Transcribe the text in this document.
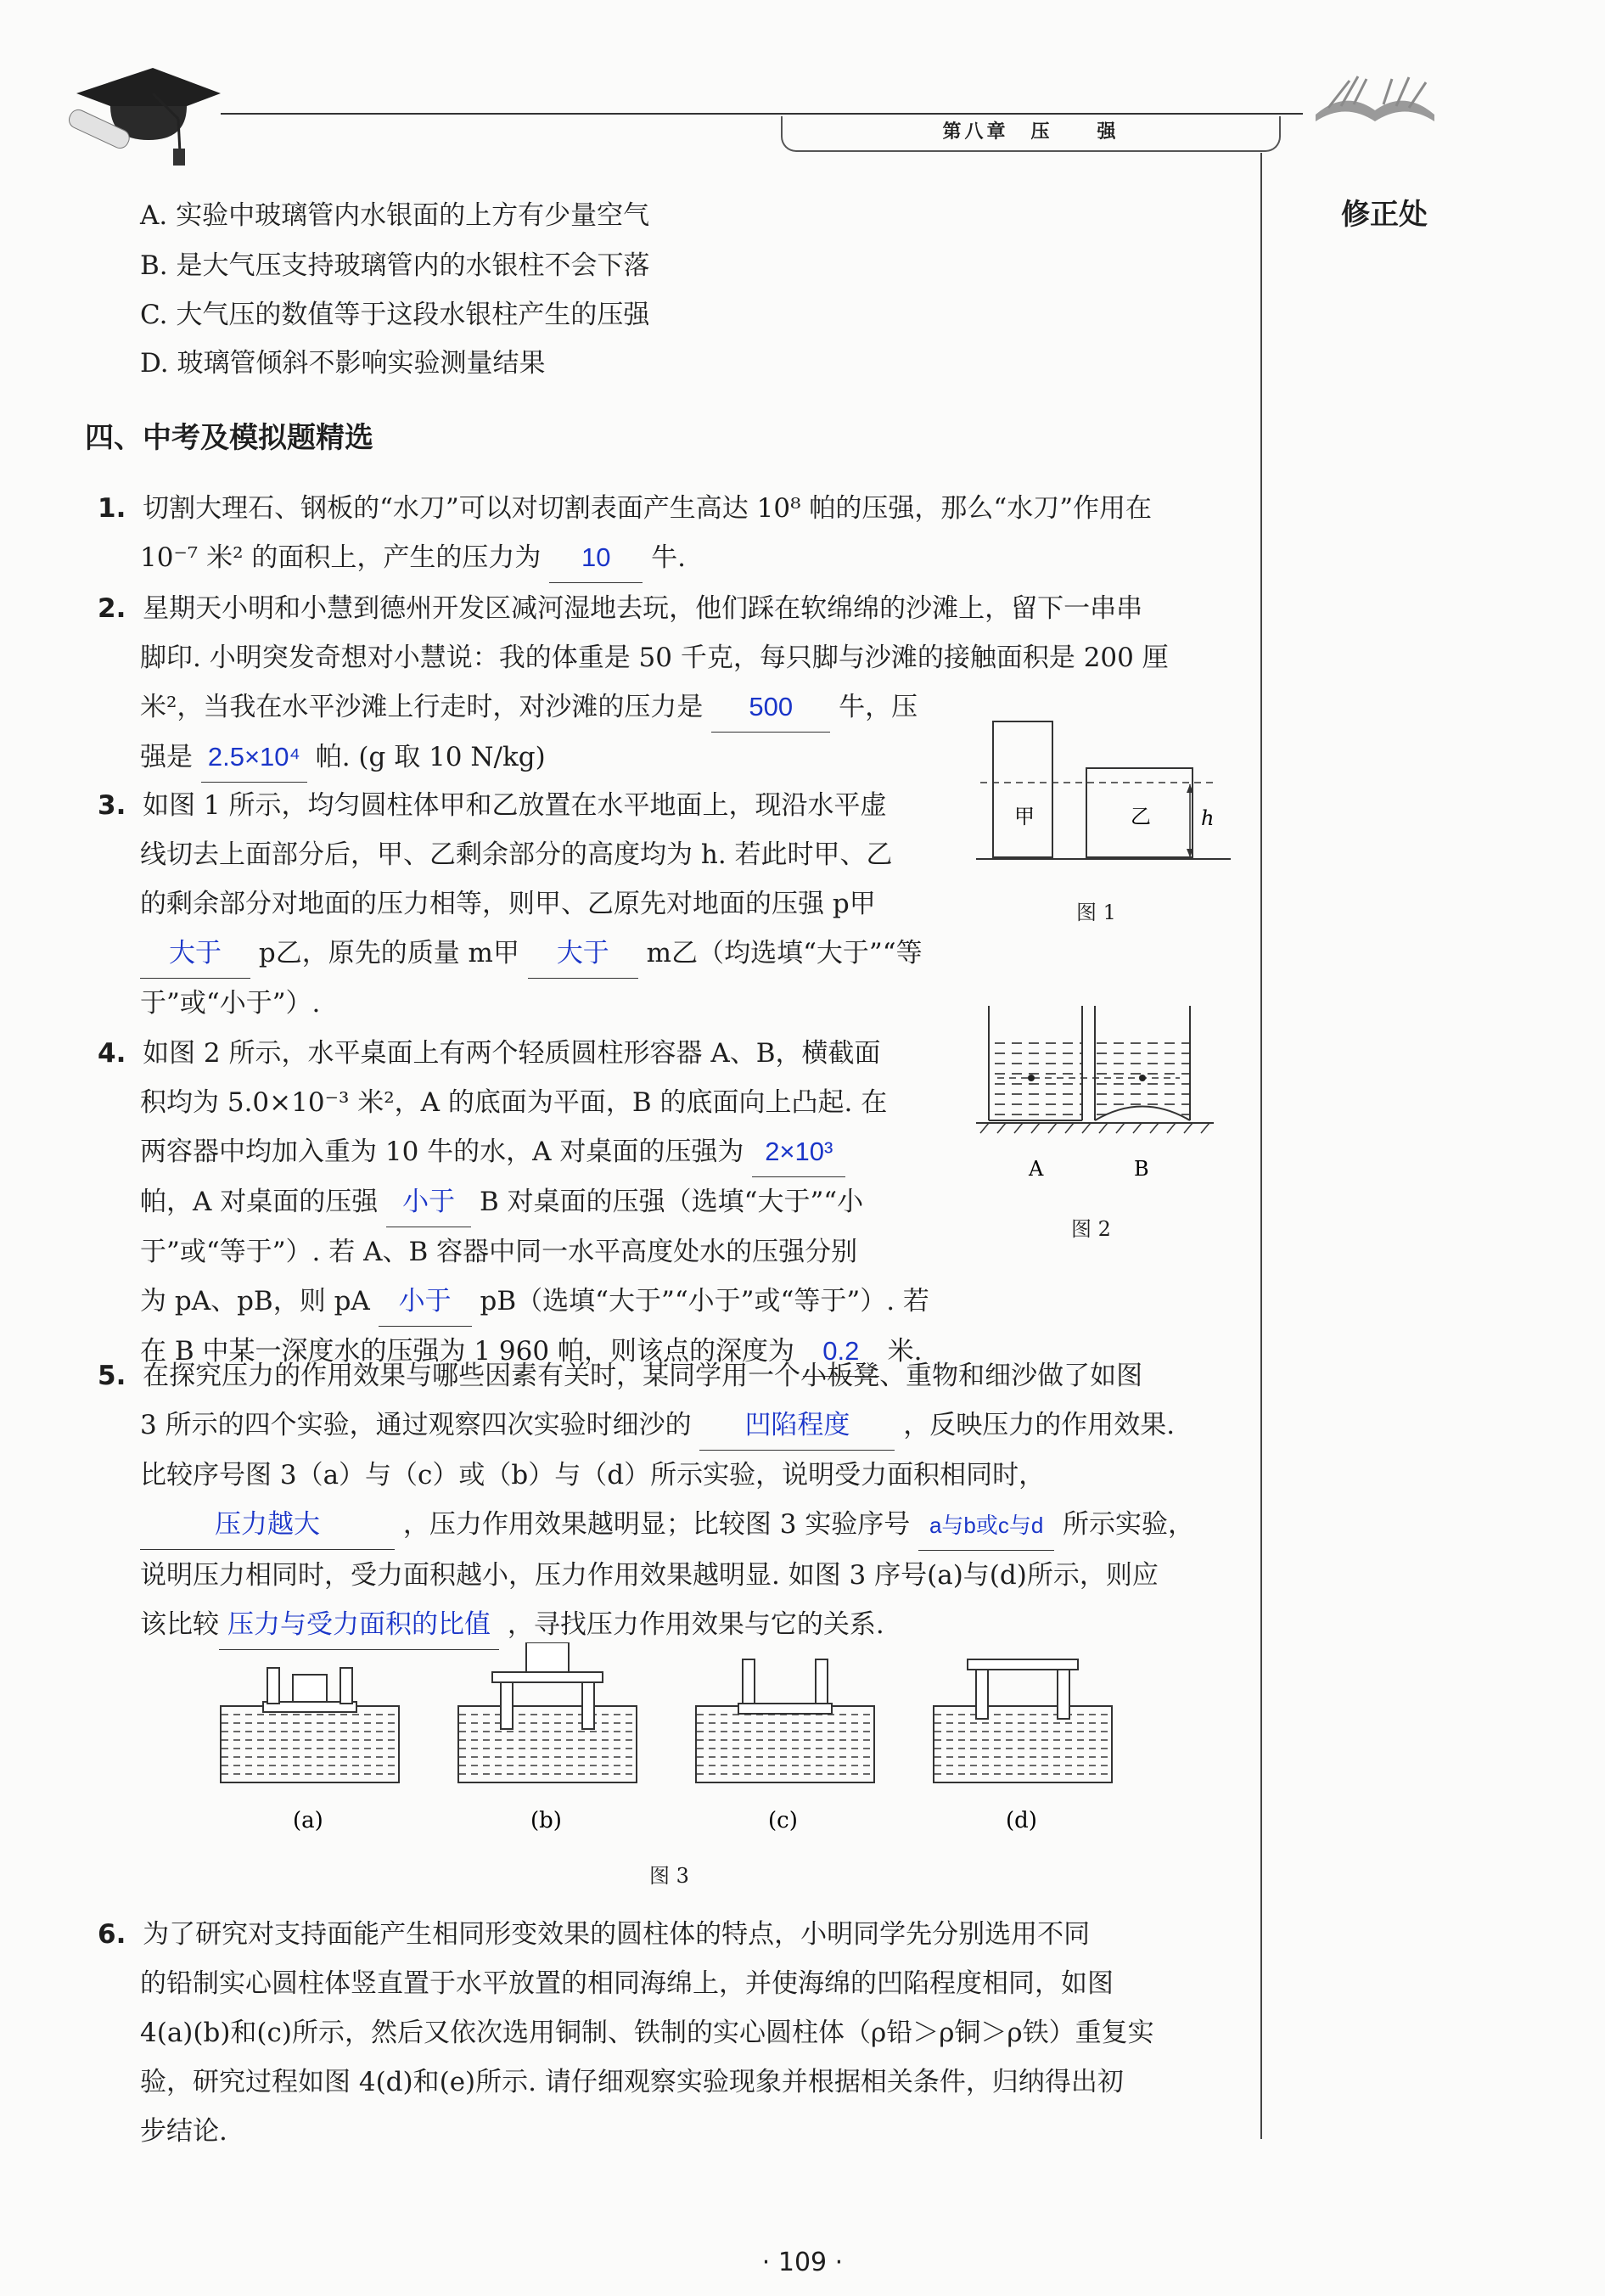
第八章　压　　强
修正处
A. 实验中玻璃管内水银面的上方有少量空气
B. 是大气压支持玻璃管内的水银柱不会下落
C. 大气压的数值等于这段水银柱产生的压强
D. 玻璃管倾斜不影响实验测量结果
四、中考及模拟题精选
1. 切割大理石、钢板的“水刀”可以对切割表面产生高达 10⁸ 帕的压强，那么“水刀”作用在
10⁻⁷ 米² 的面积上，产生的压力为 10 牛.
2. 星期天小明和小慧到德州开发区减河湿地去玩，他们踩在软绵绵的沙滩上，留下一串串
脚印. 小明突发奇想对小慧说：我的体重是 50 千克，每只脚与沙滩的接触面积是 200 厘
米²，当我在水平沙滩上行走时，对沙滩的压力是 500 牛，压
强是 2.5×10⁴ 帕. (g 取 10 N/kg)
3. 如图 1 所示，均匀圆柱体甲和乙放置在水平地面上，现沿水平虚
线切去上面部分后，甲、乙剩余部分的高度均为 h. 若此时甲、乙
的剩余部分对地面的压力相等，则甲、乙原先对地面的压强 p甲
大于 p乙，原先的质量 m甲 大于 m乙（均选填“大于”“等
于”或“小于”）.
甲	乙 h
图 1
4. 如图 2 所示，水平桌面上有两个轻质圆柱形容器 A、B，横截面
积均为 5.0×10⁻³ 米²，A 的底面为平面，B 的底面向上凸起. 在
两容器中均加入重为 10 牛的水，A 对桌面的压强为 2×10³
帕，A 对桌面的压强 小于 B 对桌面的压强（选填“大于”“小
于”或“等于”）. 若 A、B 容器中同一水平高度处水的压强分别
为 pA、pB，则 pA 小于 pB（选填“大于”“小于”或“等于”）. 若
在 B 中某一深度水的压强为 1 960 帕，则该点的深度为 0.2 米.
A	B
图 2
5. 在探究压力的作用效果与哪些因素有关时，某同学用一个小板凳、重物和细沙做了如图
3 所示的四个实验，通过观察四次实验时细沙的 凹陷程度 ，反映压力的作用效果.
比较序号图 3（a）与（c）或（b）与（d）所示实验，说明受力面积相同时，
压力越大	，压力作用效果越明显；比较图 3 实验序号 a与b或c与d 所示实验，
说明压力相同时，受力面积越小，压力作用效果越明显. 如图 3 序号(a)与(d)所示，则应
该比较 压力与受力面积的比值 ，寻找压力作用效果与它的关系.
(a)	(b)	(c)	(d)
图 3
6. 为了研究对支持面能产生相同形变效果的圆柱体的特点，小明同学先分别选用不同
的铅制实心圆柱体竖直置于水平放置的相同海绵上，并使海绵的凹陷程度相同，如图
4(a)(b)和(c)所示，然后又依次选用铜制、铁制的实心圆柱体（ρ铅＞ρ铜＞ρ铁）重复实
验，研究过程如图 4(d)和(e)所示. 请仔细观察实验现象并根据相关条件，归纳得出初
步结论.
· 109 ·
